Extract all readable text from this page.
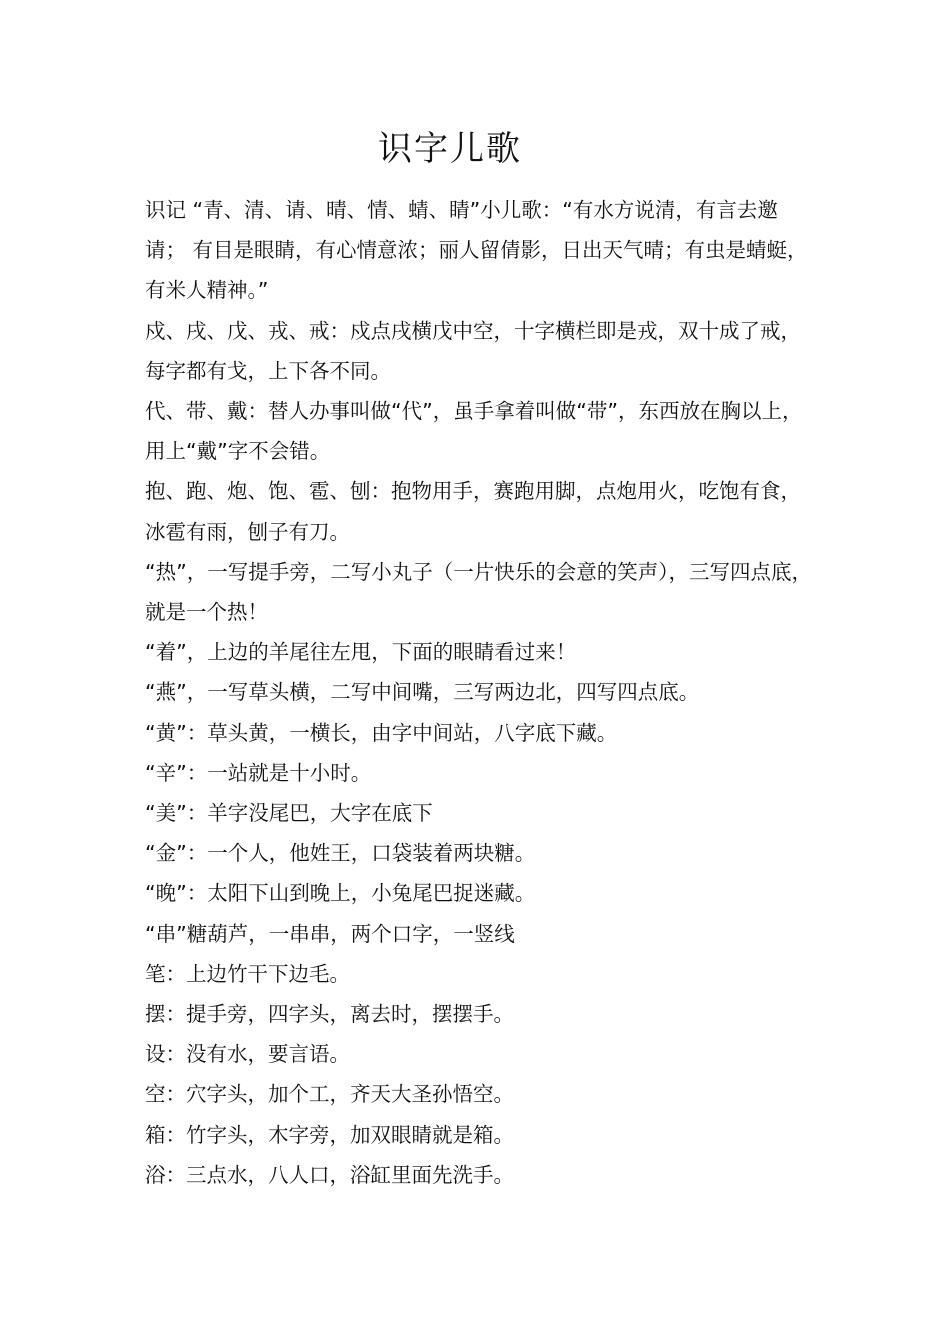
识字儿歌

识记 “青、清、请、晴、情、蜻、睛”小儿歌：“有水方说清，有言去邀请； 有目是眼睛，有心情意浓；丽人留倩影，日出天气晴；有虫是蜻蜓，有米人精神。”

戍、戌、戊、戎、戒：戍点戌横戊中空，十字横栏即是戎，双十成了戒，每字都有戈，上下各不同。

代、带、戴：替人办事叫做“代”，虽手拿着叫做“带”，东西放在胸以上，用上“戴”字不会错。

抱、跑、炮、饱、雹、刨：抱物用手，赛跑用脚，点炮用火，吃饱有食，冰雹有雨，刨子有刀。

“热”，一写提手旁，二写小丸子（一片快乐的会意的笑声），三写四点底，就是一个热！

“着”，上边的羊尾往左甩，下面的眼睛看过来！

“燕”，一写草头横，二写中间嘴，三写两边北，四写四点底。

“黄”：草头黄，一横长，由字中间站，八字底下藏。

“辛”：一站就是十小时。

“美”：羊字没尾巴，大字在底下

“金”：一个人，他姓王，口袋装着两块糖。

“晚”：太阳下山到晚上，小兔尾巴捉迷藏。

“串”糖葫芦，一串串，两个口字，一竖线

笔：上边竹干下边毛。

摆：提手旁，四字头，离去时，摆摆手。

设：没有水，要言语。

空：穴字头，加个工，齐天大圣孙悟空。

箱：竹字头，木字旁，加双眼睛就是箱。

浴：三点水，八人口，浴缸里面先洗手。
